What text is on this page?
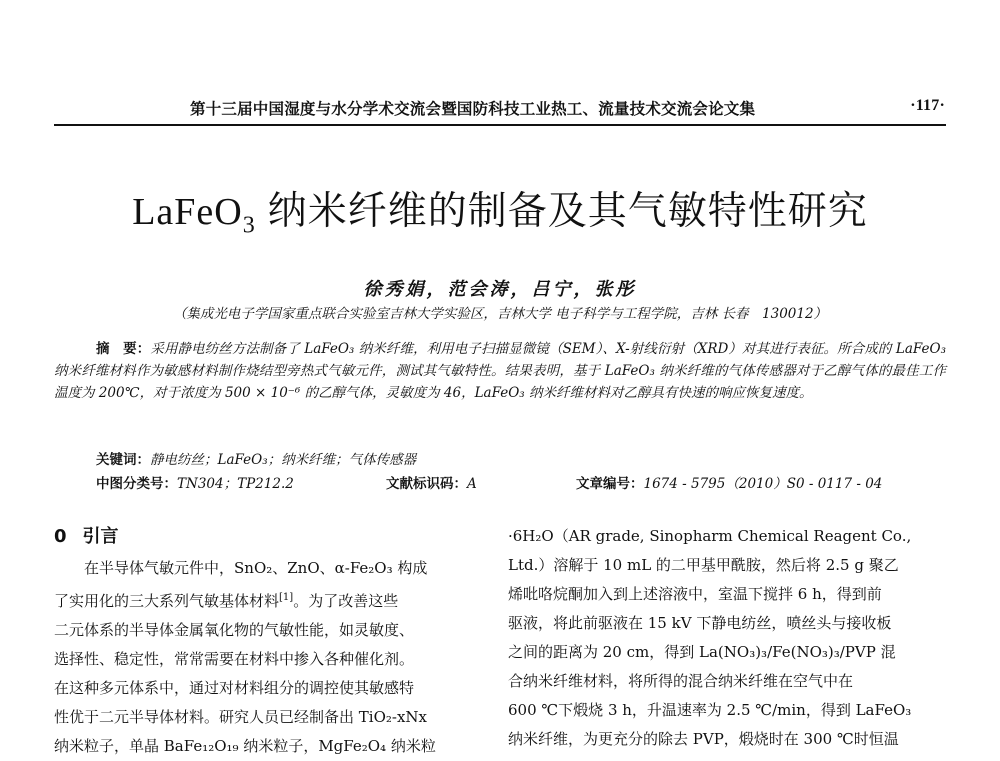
第十三届中国湿度与水分学术交流会暨国防科技工业热工、流量技术交流会论文集	·117·
LaFeO$_3$ 纳米纤维的制备及其气敏特性研究
徐秀娟，范会涛，吕宁，张彤
（集成光电子学国家重点联合实验室吉林大学实验区，吉林大学 电子科学与工程学院，吉林 长春　130012）

摘　要：采用静电纺丝方法制备了 LaFeO₃ 纳米纤维，利用电子扫描显微镜（SEM）、X-射线衍射（XRD）对其进行表征。所合成的 LaFeO₃ 纳米纤维材料作为敏感材料制作烧结型旁热式气敏元件，测试其气敏特性。结果表明，基于 LaFeO₃ 纳米纤维的气体传感器对于乙醇气体的最佳工作温度为 200℃，对于浓度为 500 × 10⁻⁶ 的乙醇气体，灵敏度为 46，LaFeO₃ 纳米纤维材料对乙醇具有快速的响应恢复速度。

关键词：静电纺丝；LaFeO₃；纳米纤维；气体传感器
中图分类号：TN304；TP212.2	文献标识码：A	文章编号：1674 - 5795（2010）S0 - 0117 - 04
0 引言

在半导体气敏元件中，SnO₂、ZnO、α-Fe₂O₃ 构成

了实用化的三大系列气敏基体材料[1]。为了改善这些

二元体系的半导体金属氧化物的气敏性能，如灵敏度、

选择性、稳定性，常常需要在材料中掺入各种催化剂。

在这种多元体系中，通过对材料组分的调控使其敏感特

性优于二元半导体材料。研究人员已经制备出 TiO₂-xNx

纳米粒子，单晶 BaFe₁₂O₁₉ 纳米粒子，MgFe₂O₄ 纳米粒

·6H₂O（AR grade, Sinopharm Chemical Reagent Co.,

Ltd.）溶解于 10 mL 的二甲基甲酰胺，然后将 2.5 g 聚乙

烯吡咯烷酮加入到上述溶液中，室温下搅拌 6 h，得到前

驱液，将此前驱液在 15 kV 下静电纺丝，喷丝头与接收板

之间的距离为 20 cm，得到 La(NO₃)₃/Fe(NO₃)₃/PVP 混

合纳米纤维材料，将所得的混合纳米纤维在空气中在

600 ℃下煅烧 3 h，升温速率为 2.5 ℃/min，得到 LaFeO₃

纳米纤维，为更充分的除去 PVP，煅烧时在 300 ℃时恒温
